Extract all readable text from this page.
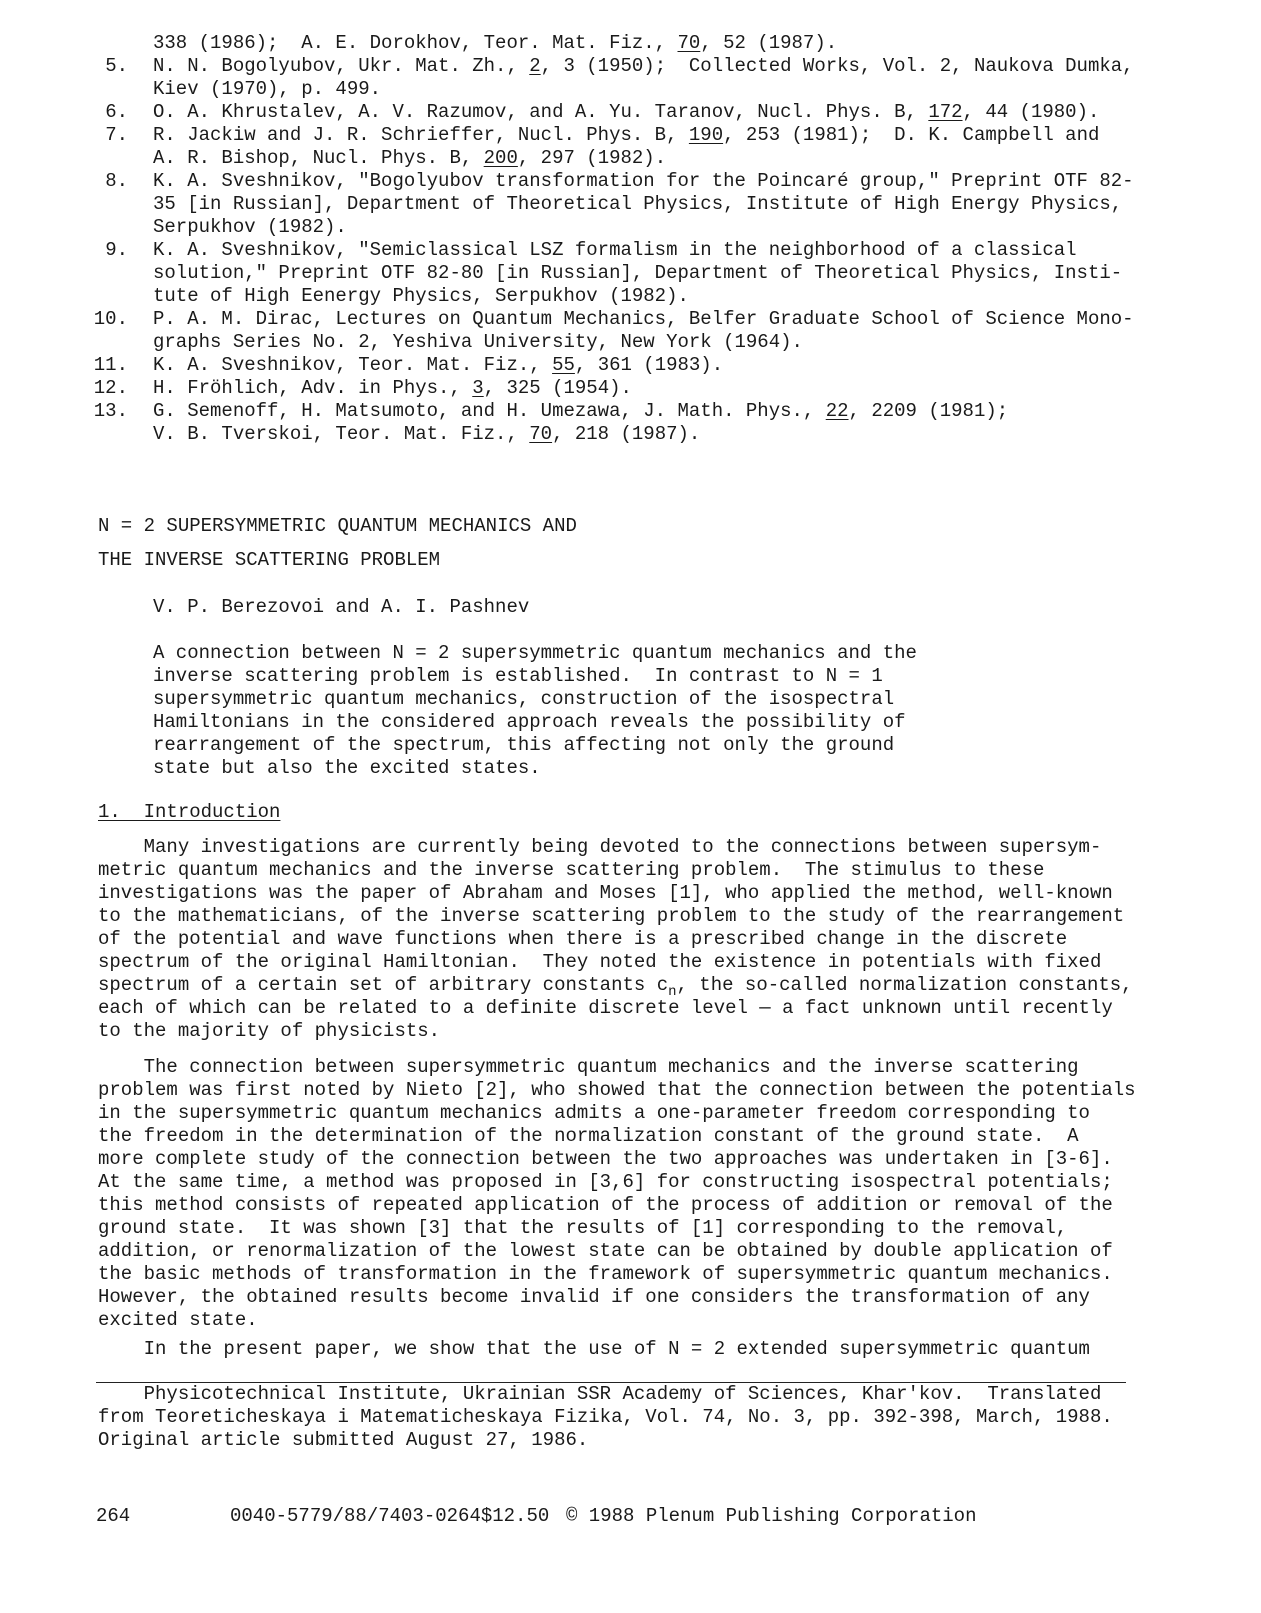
338 (1986);  A. E. Dorokhov, Teor. Mat. Fiz., 70, 52 (1987).
5. N. N. Bogolyubov, Ukr. Mat. Zh., 2, 3 (1950);  Collected Works, Vol. 2, Naukova Dumka,
Kiev (1970), p. 499.
6. O. A. Khrustalev, A. V. Razumov, and A. Yu. Taranov, Nucl. Phys. B, 172, 44 (1980).
7. R. Jackiw and J. R. Schrieffer, Nucl. Phys. B, 190, 253 (1981);  D. K. Campbell and
A. R. Bishop, Nucl. Phys. B, 200, 297 (1982).
8. K. A. Sveshnikov, "Bogolyubov transformation for the Poincaré group," Preprint OTF 82-
35 [in Russian], Department of Theoretical Physics, Institute of High Energy Physics,
Serpukhov (1982).
9. K. A. Sveshnikov, "Semiclassical LSZ formalism in the neighborhood of a classical
solution," Preprint OTF 82-80 [in Russian], Department of Theoretical Physics, Insti-
tute of High Eenergy Physics, Serpukhov (1982).
10. P. A. M. Dirac, Lectures on Quantum Mechanics, Belfer Graduate School of Science Mono-
graphs Series No. 2, Yeshiva University, New York (1964).
11. K. A. Sveshnikov, Teor. Mat. Fiz., 55, 361 (1983).
12. H. Fröhlich, Adv. in Phys., 3, 325 (1954).
13. G. Semenoff, H. Matsumoto, and H. Umezawa, J. Math. Phys., 22, 2209 (1981);
V. B. Tverskoi, Teor. Mat. Fiz., 70, 218 (1987).
N = 2 SUPERSYMMETRIC QUANTUM MECHANICS AND
THE INVERSE SCATTERING PROBLEM
V. P. Berezovoi and A. I. Pashnev
A connection between N = 2 supersymmetric quantum mechanics and the
inverse scattering problem is established.  In contrast to N = 1
supersymmetric quantum mechanics, construction of the isospectral
Hamiltonians in the considered approach reveals the possibility of
rearrangement of the spectrum, this affecting not only the ground
state but also the excited states.
1.  Introduction
Many investigations are currently being devoted to the connections between supersym-
metric quantum mechanics and the inverse scattering problem.  The stimulus to these
investigations was the paper of Abraham and Moses [1], who applied the method, well-known
to the mathematicians, of the inverse scattering problem to the study of the rearrangement
of the potential and wave functions when there is a prescribed change in the discrete
spectrum of the original Hamiltonian.  They noted the existence in potentials with fixed
spectrum of a certain set of arbitrary constants $c_n$, the so-called normalization constants,
each of which can be related to a definite discrete level — a fact unknown until recently
to the majority of physicists.
The connection between supersymmetric quantum mechanics and the inverse scattering
problem was first noted by Nieto [2], who showed that the connection between the potentials
in the supersymmetric quantum mechanics admits a one-parameter freedom corresponding to
the freedom in the determination of the normalization constant of the ground state.  A
more complete study of the connection between the two approaches was undertaken in [3-6].
At the same time, a method was proposed in [3,6] for constructing isospectral potentials;
this method consists of repeated application of the process of addition or removal of the
ground state.  It was shown [3] that the results of [1] corresponding to the removal,
addition, or renormalization of the lowest state can be obtained by double application of
the basic methods of transformation in the framework of supersymmetric quantum mechanics.
However, the obtained results become invalid if one considers the transformation of any
excited state.
In the present paper, we show that the use of N = 2 extended supersymmetric quantum
Physicotechnical Institute, Ukrainian SSR Academy of Sciences, Khar'kov.  Translated
from Teoreticheskaya i Matematicheskaya Fizika, Vol. 74, No. 3, pp. 392-398, March, 1988.
Original article submitted August 27, 1986.
264	0040-5779/88/7403-0264$12.50 © 1988 Plenum Publishing Corporation
